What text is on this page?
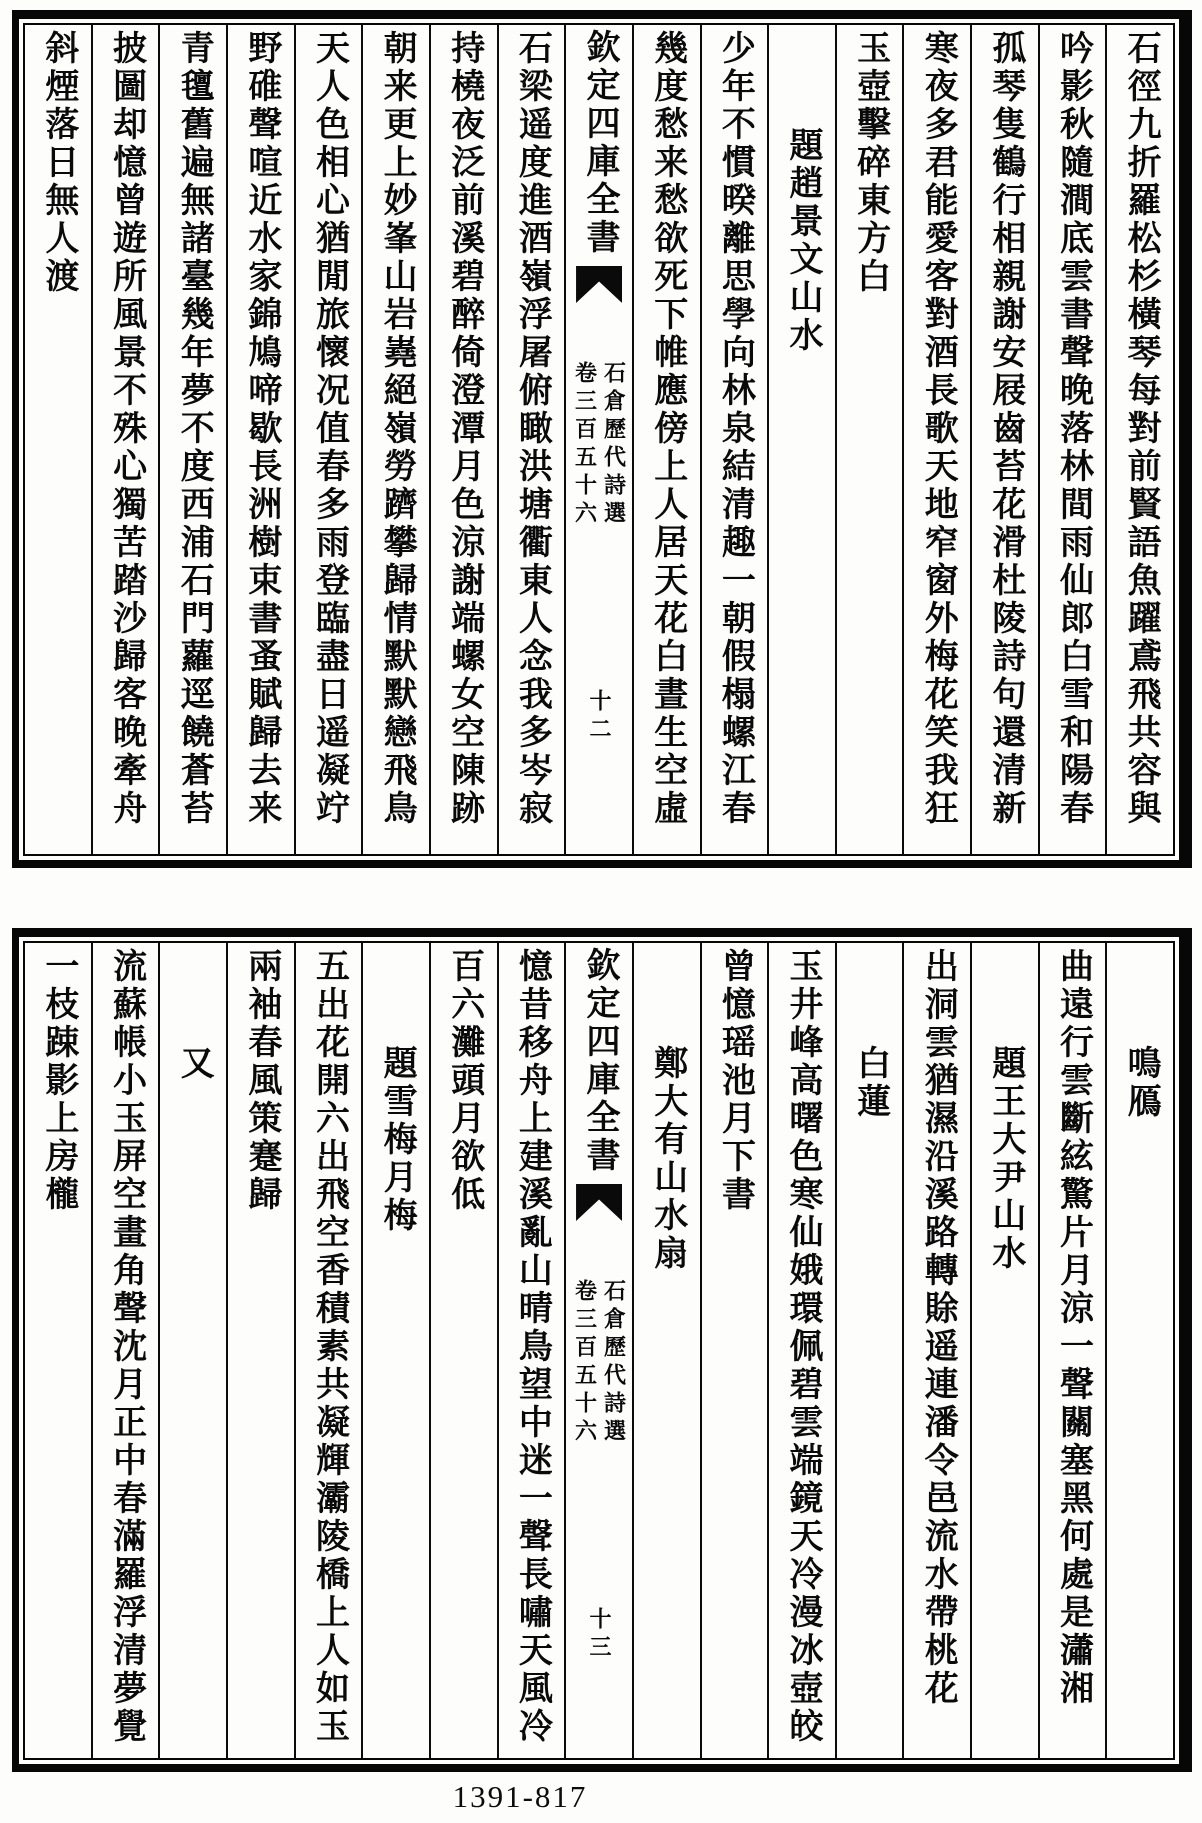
石徑九折羅松杉橫琴每對前賢語魚躍鳶飛共容與
吟影秋隨澗底雲書聲晚落林間雨仙郎白雪和陽春
孤琴隻鶴行相親謝安屐齒苔花滑杜陵詩句還清新
寒夜多君能愛客對酒長歌天地窄窗外梅花笑我狂
玉壺擊碎東方白
題趙景文山水
少年不慣暌離思學向林泉結清趣一朝假榻螺江春
幾度愁来愁欲死下帷應傍上人居天花白晝生空虛
欽定四庫全書
石倉歷代詩選
卷三百五十六
十二
石梁遥度進酒嶺浮屠俯瞰洪塘衢東人念我多岑寂
持橈夜泛前溪碧醉倚澄潭月色涼謝端螺女空陳跡
朝来更上妙峯山岩嶤絕嶺勞躋攀歸情默默戀飛鳥
天人色相心猶閒旅懷况值春多雨登臨盡日遥凝竚
野碓聲喧近水家錦鳩啼歇長洲樹束書蚤賦歸去来
青氊舊遍無諸臺幾年夢不度西浦石門蘿逕饒蒼苔
披圖却憶曾遊所風景不殊心獨苦踏沙歸客晚牽舟
斜煙落日無人渡
鳴鴈
曲遠行雲斷絃驚片月涼一聲關塞黑何處是瀟湘
題王大尹山水
出洞雲猶濕沿溪路轉賖遥連潘令邑流水帶桃花
白蓮
玉井峰高曙色寒仙娥環佩碧雲端鏡天冷漫冰壺皎
曾憶瑶池月下書
鄭大有山水扇
欽定四庫全書
石倉歷代詩選
卷三百五十六
十三
憶昔移舟上建溪亂山晴鳥望中迷一聲長嘯天風冷
百六灘頭月欲低
題雪梅月梅
五出花開六出飛空香積素共凝輝灞陵橋上人如玉
兩袖春風策蹇歸
又
流蘇帳小玉屏空畫角聲沈月正中春滿羅浮清夢覺
一枝踈影上房櫳
1391-817
